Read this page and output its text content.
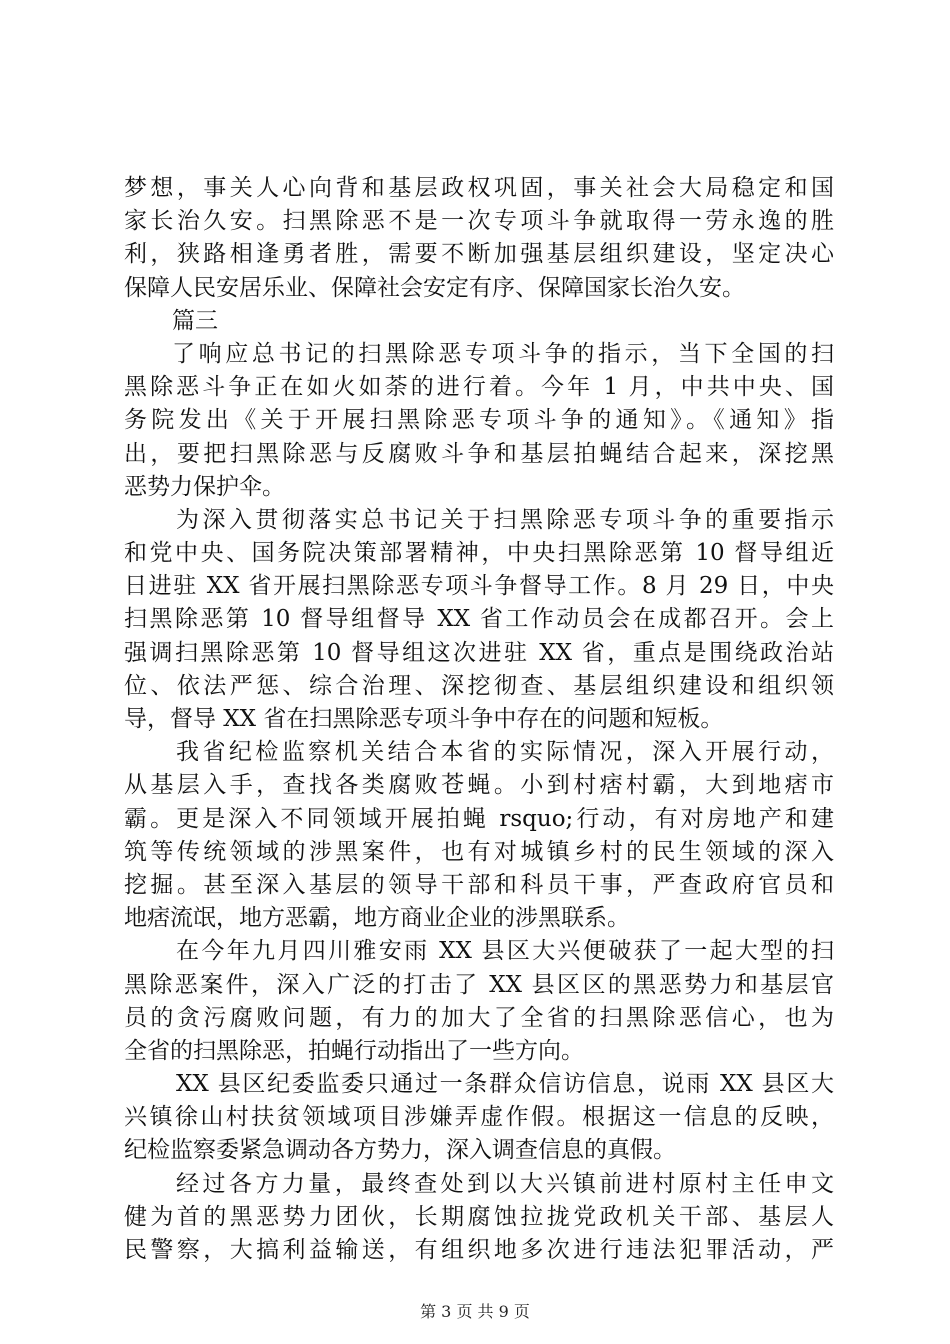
梦想，事关人心向背和基层政权巩固，事关社会大局稳定和国
家长治久安。扫黑除恶不是一次专项斗争就取得一劳永逸的胜
利，狭路相逢勇者胜，需要不断加强基层组织建设，坚定决心
保障人民安居乐业、保障社会安定有序、保障国家长治久安。
篇三
了响应总书记的扫黑除恶专项斗争的指示，当下全国的扫
黑除恶斗争正在如火如荼的进行着。今年 1 月，中共中央、国
务院发出《关于开展扫黑除恶专项斗争的通知》。《通知》指
出，要把扫黑除恶与反腐败斗争和基层拍蝇结合起来，深挖黑
恶势力保护伞。
为深入贯彻落实总书记关于扫黑除恶专项斗争的重要指示
和党中央、国务院决策部署精神，中央扫黑除恶第 10 督导组近
日进驻 XX 省开展扫黑除恶专项斗争督导工作。8 月 29 日，中央
扫黑除恶第 10 督导组督导 XX 省工作动员会在成都召开。会上
强调扫黑除恶第 10 督导组这次进驻 XX 省，重点是围绕政治站
位、依法严惩、综合治理、深挖彻查、基层组织建设和组织领
导，督导 XX 省在扫黑除恶专项斗争中存在的问题和短板。
我省纪检监察机关结合本省的实际情况，深入开展行动，
从基层入手，查找各类腐败苍蝇。小到村痞村霸，大到地痞市
霸。更是深入不同领域开展拍蝇 rsquo;行动，有对房地产和建
筑等传统领域的涉黑案件，也有对城镇乡村的民生领域的深入
挖掘。甚至深入基层的领导干部和科员干事，严查政府官员和
地痞流氓，地方恶霸，地方商业企业的涉黑联系。
在今年九月四川雅安雨 XX 县区大兴便破获了一起大型的扫
黑除恶案件，深入广泛的打击了 XX 县区区的黑恶势力和基层官
员的贪污腐败问题，有力的加大了全省的扫黑除恶信心，也为
全省的扫黑除恶，拍蝇行动指出了一些方向。
XX 县区纪委监委只通过一条群众信访信息，说雨 XX 县区大
兴镇徐山村扶贫领域项目涉嫌弄虚作假。根据这一信息的反映，
纪检监察委紧急调动各方势力，深入调查信息的真假。
经过各方力量，最终查处到以大兴镇前进村原村主任申文
健为首的黑恶势力团伙，长期腐蚀拉拢党政机关干部、基层人
民警察，大搞利益输送，有组织地多次进行违法犯罪活动，严
第 3 页 共 9 页
